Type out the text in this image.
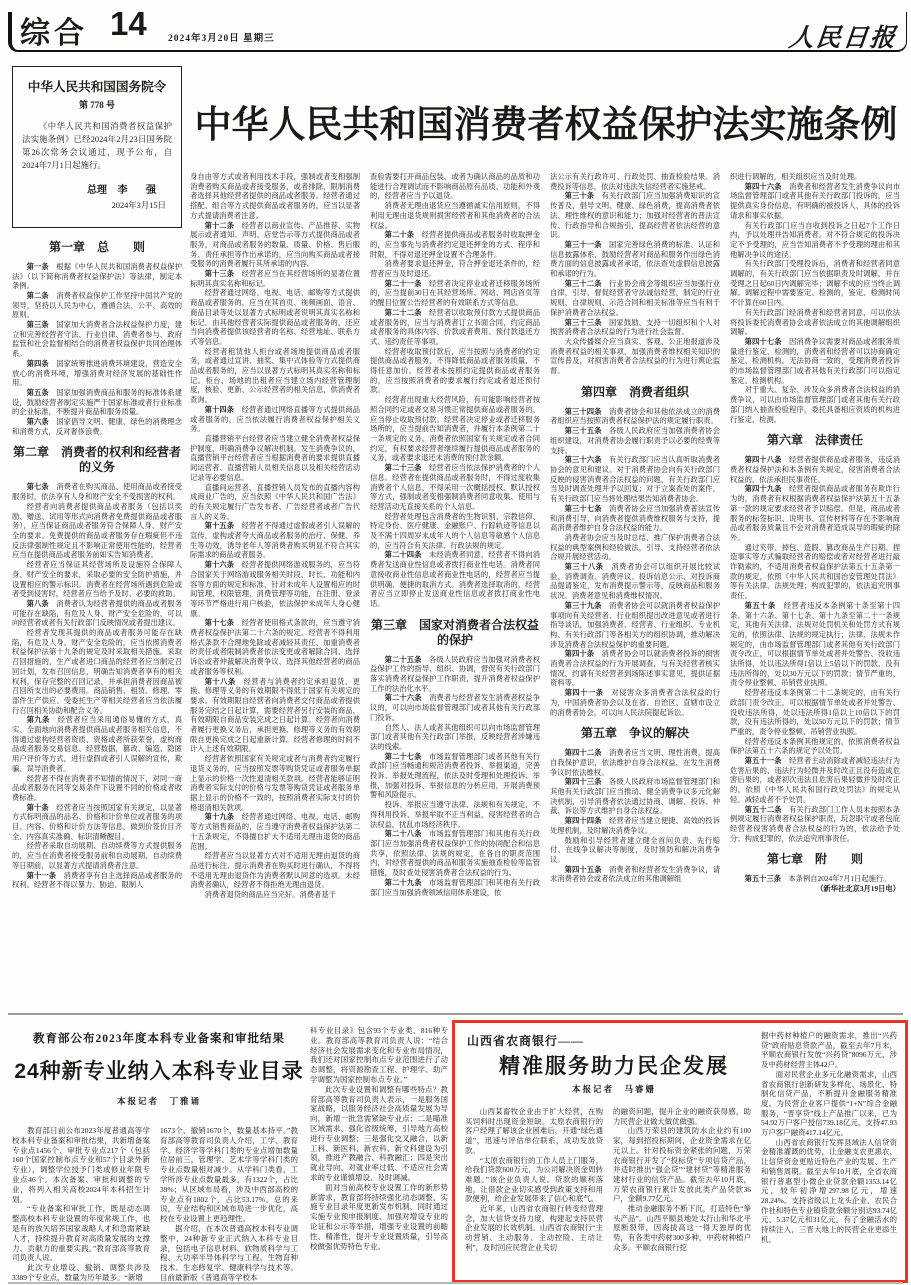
综合 14 2024年3月20日 星期三	人民日报
中华人民共和国消费者权益保护法实施条例
中华人民共和国国务院令
第 778 号

《中华人民共和国消费者权益保护法实施条例》已经2024年2月23日国务院第26次常务会议通过，现予公布，自2024年7月1日起施行。

总理 李 强
2024年3月15日
第一章　总　　则

第一条　根据《中华人民共和国消费者权益保护法》（以下简称消费者权益保护法）等法律，制定本条例。

第二条　消费者权益保护工作坚持中国共产党的领导，坚持以人民为中心，遵循合法、公平、高效的原则。

第三条　国家加大消费者合法权益保护力度，建立和完善经营者守法、行业自律、消费者参与、政府监管和社会监督相结合的消费者权益保护共同治理体系。

第四条　国家统筹推进消费环境建设，营造安全放心的消费环境，增强消费对经济发展的基础性作用。

第五条　国家加强消费商品和服务的标准体系建设，鼓励经营者制定实施严于国家标准或者行业标准的企业标准，不断提升商品和服务质量。

第六条　国家倡导文明、健康、绿色的消费理念和消费方式，反对奢侈浪费。

第二章　消费者的权利和经营者的义务

第七条　消费者在购买商品、使用商品或者接受服务时，依法享有人身和财产安全不受损害的权利。

经营者向消费者提供商品或者服务（包括以奖励、赠送、试用等形式向消费者免费提供商品或者服务），应当保证商品或者服务符合保障人身、财产安全的要求。免费提供的商品或者服务存在瑕疵但不违反法律强制性规定且不影响正常使用性能的，经营者应当在提供商品或者服务前如实告知消费者。

经营者应当保证其经营场所及设施符合保障人身、财产安全的要求，采取必要的安全防护措施，并设置相应的警示标识。消费者在经营场所遇到危险或者受到侵害时，经营者应当给予及时、必要的救助。

第八条　消费者认为经营者提供的商品或者服务可能存在缺陷，有危及人身、财产安全危险的，可以向经营者或者有关行政部门反映情况或者提出建议。

经营者发现其提供的商品或者服务可能存在缺陷，有危及人身、财产安全危险的，应当依照消费者权益保护法第十九条的规定及时采取相关措施。采取召回措施的，生产或者进口商品的经营者应当制定召回计划，发布召回信息，明确告知消费者享有的相关权利，保存完整的召回记录，并承担消费者因商品被召回所支出的必要费用。商品销售、租赁、修理、零部件生产供应、受委托生产等相关经营者应当依法履行召回相关协助和配合义务。

第九条　经营者应当采用通俗易懂的方式，真实、全面地向消费者提供商品或者服务相关信息，不得通过虚构经营者资质、资格或者所获荣誉，虚构商品或者服务交易信息、经营数据，篡改、编造、隐匿用户评价等方式，进行虚假或者引人误解的宣传，欺骗、误导消费者。

经营者不得在消费者不知情的情况下，对同一商品或者服务在同等交易条件下设置不同的价格或者收费标准。

第十条　经营者应当按照国家有关规定，以显著方式标明商品的品名、价格和计价单位或者服务的项目、内容、价格和计价方法等信息，做到价签价目齐全、内容真实准确、标识清晰醒目。

经营者采取自动展期、自动续费等方式提供服务的，应当在消费者接受服务前和自动展期、自动续费等日期前，以显著方式提请消费者注意。

第十一条　消费者享有自主选择商品或者服务的权利。经营者不得以暴力、胁迫、限制人

身自由等方式或者利用技术手段，强制或者变相强制消费者购买商品或者接受服务，或者排除、限制消费者选择其他经营者提供的商品或者服务。经营者通过搭配、组合等方式提供商品或者服务的，应当以显著方式提请消费者注意。

第十二条　经营者以商业宣传、产品推荐、实物展示或者通知、声明、店堂告示等方式提供商品或者服务，对商品或者服务的数量、质量、价格、售后服务、责任承担等作出承诺的，应当向购买商品或者接受服务的消费者履行其所承诺的内容。

第十三条　经营者应当在其经营场所的显著位置标明其真实名称和标记。

经营者通过网络、电视、电话、邮购等方式提供商品或者服务的，应当在其首页、视频画面、语音、商品目录等处以显著方式标明或者说明其真实名称和标记。由其他经营者实际提供商品或者服务的，还应当向消费者提供该经营者的名称、经营地址、联系方式等信息。

经营者租赁他人柜台或者场地提供商品或者服务，或者通过宣讲、抽奖、集中式体验等方式提供商品或者服务的，应当以显著方式标明其真实名称和标记。柜台、场地的出租者应当建立场内经营管理制度，核验、更新、公示经营者的相关信息，供消费者查询。

第十四条　经营者通过网络直播等方式提供商品或者服务的，应当依法履行消费者权益保护相关义务。

直播营销平台经营者应当建立健全消费者权益保护制度，明确消费争议解决机制。发生消费争议的，直播营销平台经营者应当根据消费者的要求提供直播间运营者、直播营销人员相关信息以及相关经营活动记录等必要信息。

直播间运营者、直播营销人员发布的直播内容构成商业广告的，应当依照《中华人民共和国广告法》的有关规定履行广告发布者、广告经营者或者广告代言人的义务。

第十五条　经营者不得通过虚假或者引人误解的宣传，虚构或者夸大商品或者服务的治疗、保健、养生等功效，诱导老年人等消费者购买明显不符合其实际需求的商品或者服务。

第十六条　经营者提供网络游戏服务的，应当符合国家关于网络游戏服务相关时段、时长、功能和内容等方面的规定和标准，针对未成年人设置相应的时间管理、权限管理、消费管理等功能，在注册、登录等环节严格进行用户核验，依法保护未成年人身心健康。

第十七条　经营者使用格式条款的，应当遵守消费者权益保护法第二十六条的规定。经营者不得利用格式条款不合理地免除或者减轻其责任、加重消费者的责任或者限制消费者依法变更或者解除合同、选择诉讼或者仲裁解决消费争议、选择其他经营者的商品或者服务等权利。

第十八条　经营者与消费者约定承担退货、更换、修理等义务的有效期限不得低于国家有关规定的要求。有效期限自经营者向消费者交付商品或者提供服务完结之日起计算，需要经营者另行安装的商品，有效期限自商品安装完成之日起计算。经营者向消费者履行更换义务后，承担更换、修理等义务的有效期限自更换完成之日起重新计算。经营者修理的时间不计入上述有效期限。

经营者依照国家有关规定或者与消费者约定履行退货义务的，应当按照发票等购货凭证或者服务单据上显示的价格一次性退清相关款项。经营者能够证明消费者实际支付的价格与发票等购货凭证或者服务单据上显示的价格不一致的，按照消费者实际支付的价格退清相关款项。

第十九条　经营者通过网络、电视、电话、邮购等方式销售商品的，应当遵守消费者权益保护法第二十五条规定，不得擅自扩大不适用无理由退货的商品范围。

经营者应当以显著方式对不适用无理由退货的商品进行标注，提示消费者在购买时进行确认，不得将不适用无理由退货作为消费者默认同意的选项。未经消费者确认，经营者不得拒绝无理由退货。

消费者退货的商品应当完好。消费者基于

查验需要打开商品包装，或者为确认商品的品质和功能进行合理调试而不影响商品原有品质、功能和外观的，经营者应当予以退货。

消费者无理由退货应当遵循诚实信用原则，不得利用无理由退货规则损害经营者和其他消费者的合法权益。

第二十条　经营者提供商品或者服务时收取押金的，应当事先与消费者约定退还押金的方式、程序和时限，不得对退还押金设置不合理条件。

消费者要求退还押金，符合押金退还条件的，经营者应当及时退还。

第二十一条　经营者决定停业或者迁移服务场所的，应当提前30日在其经营场所、网站、网店首页等的醒目位置公告经营者的有效联系方式等信息。

第二十二条　经营者以收取预付款方式提供商品或者服务的，应当与消费者订立书面合同，约定商品或者服务的具体内容、价款或者费用、预付款退还方式、违约责任等事项。

经营者收取预付款后，应当按照与消费者的约定提供商品或者服务，不得降低商品或者服务质量，不得任意加价。经营者未按照约定提供商品或者服务的，应当按照消费者的要求履行约定或者退还预付款。

经营者出现重大经营风险，有可能影响经营者按照合同约定或者交易习惯正常提供商品或者服务的，应当停止收取预付款。经营者决定停业或者迁移服务场所的，应当提前告知消费者，并履行本条例第二十一条规定的义务。消费者依照国家有关规定或者合同约定，有权要求经营者继续履行提供商品或者服务的义务，或者要求退还未消费的预付款余额。

第二十三条　经营者应当依法保护消费者的个人信息。经营者在提供商品或者服务时，不得过度收集消费者个人信息，不得采用一次概括授权、默认授权等方式，强制或者变相强制消费者同意收集、使用与经营活动无直接关系的个人信息。

经营者处理包含消费者的生物识别、宗教信仰、特定身份、医疗健康、金融账户、行踪轨迹等信息以及不满十四周岁未成年人的个人信息等敏感个人信息的，应当符合有关法律、行政法规的规定。

第二十四条　未经消费者同意，经营者不得向消费者发送商业性信息或者拨打商业性电话。消费者同意接收商业性信息或者商业性电话的，经营者应当提供明确、便捷的取消方式。消费者选择取消的，经营者应当立即停止发送商业性信息或者拨打商业性电话。

第三章　国家对消费者合法权益的保护

第二十五条　各级人民政府应当加强对消费者权益保护工作的指导、组织、协调，督促有关行政部门落实消费者权益保护工作职责，提升消费者权益保护工作的法治化水平。

第二十六条　消费者与经营者发生消费者权益争议的，可以向市场监督管理部门或者其他有关行政部门投诉。

自然人、法人或者其他组织可以向市场监督管理部门或者其他有关行政部门举报，反映经营者涉嫌违法的线索。

第二十七条　市场监督管理部门或者其他有关行政部门应当畅通和规范消费者投诉、举报渠道，完善投诉、举报处理流程，依法及时受理和处理投诉、举报，加强对投诉、举报信息的分析应用，开展消费预警和风险提示。

投诉、举报应当遵守法律、法规和有关规定，不得利用投诉、举报牟取不正当利益，侵害经营者的合法权益，扰乱市场经济秩序。

第二十八条　市场监督管理部门和其他有关行政部门应当加强消费者权益保护工作的协同配合和信息共享，依照法律、法规的规定，在各自的职责范围内，对经营者提供的商品和服务实施抽查检验等监管措施，及时查处侵害消费者合法权益的行为。

第二十九条　市场监督管理部门和其他有关行政部门应当加强消费领域信用体系建设，依

法公示有关行政许可、行政处罚、抽查检验结果、消费投诉等信息，依法对违法失信经营者实施惩戒。

第三十条　有关行政部门应当加强消费知识的宣传普及，倡导文明、健康、绿色消费，提高消费者依法、理性维权的意识和能力；加强对经营者的普法宣传、行政指导和合规指引，提高经营者依法经营的意识。

第三十一条　国家完善绿色消费的标准、认证和信息披露体系，鼓励经营者对商品和服务作出绿色消费方面的信息披露或者承诺，依法查处虚假信息披露和承诺的行为。

第三十二条　行业协会商会等组织应当加强行业自律，引导、督促经营者守法诚信经营，制定的行业规则、自律规则、示范合同和相关标准等应当有利于保护消费者合法权益。

第三十三条　国家鼓励、支持一切组织和个人对损害消费者合法权益的行为进行社会监督。

大众传播媒介应当真实、客观、公正地报道涉及消费者权益的相关事项，加强消费者维权相关知识的宣传普及，对损害消费者合法权益的行为进行舆论监督。

第四章　消费者组织

第三十四条　消费者协会和其他依法成立的消费者组织应当按照消费者权益保护法的规定履行职责。

第三十五条　各级人民政府应当加强消费者协会组织建设，对消费者协会履行职责予以必要的经费等支持。

第三十六条　有关行政部门应当认真听取消费者协会的意见和建议。对于消费者协会向有关行政部门反映的侵害消费者合法权益的问题，有关行政部门应当及时调查处理并予以回复；对于立案查处的案件，有关行政部门应当将处理结果告知消费者协会。

第三十七条　消费者协会应当加强消费普法宣传和消费引导，向消费者提供消费维权服务与支持，提高消费者维护自身合法权益的能力。

消费者协会应当及时总结、推广保护消费者合法权益的典型案例和经验做法，引导、支持经营者依法合规开展经营活动。

第三十八条　消费者协会可以组织开展比较试验、消费调查、消费评议、投诉信息公示、对投诉商品提请鉴定、发布消费提示警示等，反映商品和服务状况、消费者意见和消费维权情况。

第三十九条　消费者协会可以就消费者权益保护事项向有关经营者、行业组织提出改进意见或者进行指导谈话，加强消费者、经营者、行业组织、专业机构、有关行政部门等各相关方的组织协调，推动解决涉及消费者合法权益保护的重要问题。

第四十条　消费者协会可以就消费者投诉的损害消费者合法权益的行为开展调查，与有关经营者核实情况，约请有关经营者到场陈述事实意见，提供证据资料等。

第四十一条　对侵害众多消费者合法权益的行为，中国消费者协会以及在省、自治区、直辖市设立的消费者协会，可以向人民法院提起诉讼。

第五章　争议的解决

第四十二条　消费者应当文明、理性消费，提高自我保护意识，依法维护自身合法权益，在发生消费争议时依法维权。

第四十三条　各级人民政府市场监督管理部门和其他有关行政部门应当推动、健全消费争议多元化解决机制，引导消费者依法通过协商、调解、投诉、仲裁、诉讼等方式维护自身合法权益。

第四十四条　经营者应当建立便捷、高效的投诉处理机制，及时解决消费争议。

鼓励和引导经营者建立健全首问负责、先行赔付、在线争议解决等制度，及时预防和解决消费争议。

第四十五条　消费者和经营者发生消费争议，请求消费者协会或者依法成立的其他调解组

织进行调解的，相关组织应当及时处理。

第四十六条　消费者和经营者发生消费争议向市场监督管理部门或者其他有关行政部门投诉的，应当提供真实身份信息、有明确的被投诉人、具体的投诉请求和事实依据。

有关行政部门应当自收到投诉之日起7个工作日内，予以处理并告知消费者。对不符合规定的投诉决定不予受理的，应当告知消费者不予受理的理由和其他解决争议的途径。

有关行政部门受理投诉后，消费者和经营者同意调解的，有关行政部门应当依据职责及时调解，并在受理之日起60日内调解完毕；调解不成的应当终止调解。调解过程中需要鉴定、检测的，鉴定、检测时间不计算在60日内。

有关行政部门经消费者和经营者同意，可以依法将投诉委托消费者协会或者依法成立的其他调解组织调解。

第四十七条　因消费争议需要对商品或者服务质量进行鉴定、检测的，消费者和经营者可以协商确定鉴定、检测机构。无法协商一致的，受理消费者投诉的市场监督管理部门或者其他有关行政部门可以指定鉴定、检测机构。

对于重大、复杂、涉及众多消费者合法权益的消费争议，可以由市场监督管理部门或者其他有关行政部门纳入抽查检验程序，委托具备相应资质的机构进行鉴定、检测。

第六章　法律责任

第四十八条　经营者提供商品或者服务，违反消费者权益保护法和本条例有关规定，侵害消费者合法权益的，依法承担民事责任。

第四十九条　经营者提供商品或者服务有欺诈行为的，消费者有权根据消费者权益保护法第五十五条第一款的规定要求经营者予以赔偿。但是，商品或者服务的标签标识、说明书、宣传材料等存在不影响商品或者服务质量且不会对消费者造成误导的瑕疵的除外。

通过夹带、掉包、造假、篡改商品生产日期、捏造事实等方式骗取经营者的赔偿或者对经营者进行敲诈勒索的，不适用消费者权益保护法第五十五条第一款的规定，依照《中华人民共和国治安管理处罚法》等有关法律、法规处理；构成犯罪的，依法追究刑事责任。

第五十条　经营者违反本条例第十条至第十四条、第十六条、第十七条、第十九条至第二十一条规定，其他有关法律、法规对处罚机关和处罚方式有规定的，依照法律、法规的规定执行；法律、法规未作规定的，由市场监督管理部门或者其他有关行政部门责令改正，可以根据情节单处或者并处警告、没收违法所得，处以违法所得1倍以上5倍以下的罚款，没有违法所得的，处以30万元以下的罚款；情节严重的，责令停业整顿、吊销营业执照。

经营者违反本条例第二十二条规定的，由有关行政部门责令改正，可以根据情节单处或者并处警告、没收违法所得，处以违法所得1倍以上10倍以下的罚款，没有违法所得的，处以50万元以下的罚款；情节严重的，责令停业整顿、吊销营业执照。

经营者违反本条例其他规定的，依照消费者权益保护法第五十六条的规定予以处罚。

第五十一条　经营者主动消除或者减轻违法行为危害后果的，违法行为轻微并及时改正且没有造成危害后果的，或者初次违法且危害后果轻微并及时改正的，依照《中华人民共和国行政处罚法》的规定从轻、减轻或者不予处罚。

第五十二条　有关行政部门工作人员未按照本条例规定履行消费者权益保护职责，玩忽职守或者包庇经营者侵害消费者合法权益的行为的，依法给予处分；构成犯罪的，依法追究刑事责任。

第七章　附　　则

第五十三条　本条例自2024年7月1日起施行。

（新华社北京3月19日电）

教育部公布2023年度本科专业备案和审批结果
24种新专业纳入本科专业目录
本报记者　丁雅诵

教育部日前公布2023年度普通高等学校本科专业备案和审批结果，共新增备案专业点1456个、审批专业点217个（包括160个国家控制布点专业和57个目录外新专业），调整学位授予门类或修业年限专业点46个。本次备案、审批和调整的专业，将列入相关高校2024年本科招生计划。

“专业备案和审批工作，既是动态调整高校本科专业设置的年度常规工作，也是有的放矢培养国家战略人才和急需紧缺人才，持续提升教育对高质量发展的支撑力、贡献力的重要实践。”教育部高等教育司负责人说。

此次专业增设、撤销、调整共涉及3389个专业点，数量为历年最多。“新增

1673个、撤销1670个，数量基本持平。”教育部高等教育司负责人介绍，工学、教育学、经济学等学科门类的专业点增加数量位居前三，管理学、艺术学等学科门类的专业点数量相对减少。从学科门类看，工学所涉专业点数量最多，有1322个，占比39%；从区域布局看，涉及中西部高校的专业点有1802个，占比53.17%。总的来说，专业结构和区域布局进一步优化，高校在专业设置上更趋理性。

据介绍，在本次普通高校本科专业调整中，24种新专业正式纳入本科专业目录，包括电子信息材料、软物质科学与工程、大功率半导体科学与工程、生物育种技术、生态修复学、健康科学与技术等。目前最新版《普通高等学校本

科专业目录》包含93个专业类、816种专业。教育部高等教育司负责人说：“结合经济社会发展需求变化和专业布局情况，我们还对国家控制布点专业范围进行了动态调整，将资源勘查工程、护理学、助产学调整为国家控制布点专业。”

此次专业设置和调整有哪些特点？教育部高等教育司负责人表示，一是服务国家战略，以服务经济社会高质量发展为导向，新增一批急需紧缺专业点；二是瞄准区域需求，强化省级统筹，引导地方高校进行专业调整；三是强化交叉融合，以新工科、新医科、新农科、新文科建设为引领，推进产教融合、科教融汇；四是突出就业导向，对就业率过低、不适应社会需求的专业谨慎增设、及时调减。

面对当前高校专业设置工作的新形势新需求，教育部将持续强化动态调整，实施专业目录年度更新发布机制，同时通过实施专业预申报制度、加强对增设专业的论证和公示等举措，增强专业设置的前瞻性、精准性，提升专业设置质量，引导高校做强优势特色专业。

山西省农商银行——
精准服务助力民企发展
本报记者　马睿姗

山西某畜牧企业由于扩大经营，在购买饲料时出现资金短缺。太原农商银行的客户经理了解该企业困难后，开通“绿色通道”，迅速与评估单位联系，成功发放贷款。

“太原农商银行的工作人员上门服务，给我们贷款600万元，为公司解决资金周转难题。”该企业负责人说。贷款的顺利落地，让借款企业切实感受到政策支持和用款便利，给企业发展带来了信心和底气。

近年来，山西省农商银行转变经营理念，加大信贷支持力度，构建起支持民营企业发展的长效机制。山西省农商银行“主动营销、主动服务、主动控险、主动让利”，及时回应民营企业关切

的融资问题，提升企业的融资获得感，助力民营企业做大做优做强。

山西万荣县的建筑防水企业约有100家，每到招投标期间，企业资金需求在亿元以上。针对投标资金紧张的问题，万荣农商银行开发了“投标贷”专项信贷产品，并适时推出“强企贷”“建材贷”等精准服务建材行业的信贷产品。截至去年10月底，万荣农商银行累计发放此类产品贷款36户，金额9.77亿元。

推动金融服务不断下沉，打造特色“拳头产品”。山西平顺县地处太行山和华北平原断裂带，因海拔高这一得天独厚的优势，有各类中药材300多种，中药材种植户众多。平顺农商银行挖

掘中药材种植户的融资需求，推出“兴药贷”政府贴息贷款产品，截至去年7月末，平顺农商银行发放“兴药贷”8096万元，涉及中药材经营主体42户。

面对民营企业多元化融资需求，山西省农商银行创新研发多样化、场景化、特制化信贷产品，不断提升金融服务精准度。为民营企业客户提供“1+N”综合金融服务，“晋享贷”线上产品推广以来，已为54.92万户客户授信739.18亿元，支持47.93万户客户融资417.14亿元。

山西省农商银行发挥县域法人信贷资金精准灌溉的优势，让金融支农更惠农，让信贷资金更贴近特色产业的发展、生产和销售周期。截至去年10月底，全省农商银行普惠型小微企业贷款余额1353.14亿元，较年初净增297.98亿元，增速28.24%。支持省级以上龙头企业、农民合作社和特色专业镇贷款余额分别达93.74亿元、5.37亿元和31亿元。有了金融活水的持续注入，三晋大地上的民营企业更添生机。
